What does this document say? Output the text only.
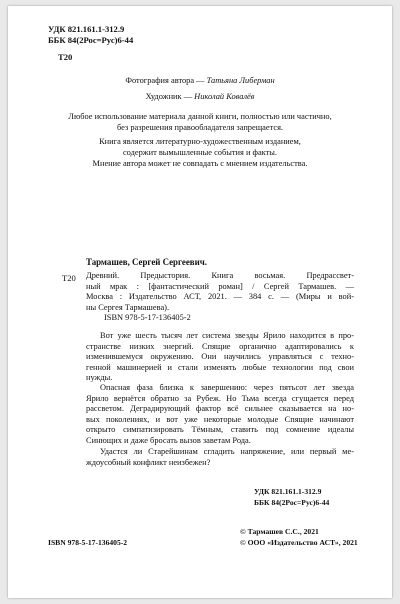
УДК 821.161.1-312.9
ББК 84(2Рос=Рус)6-44
Т20
Фотография автора — Татьяна Либерман
Художник — Николай Ковалёв
Любое использование материала данной книги, полностью или частично,
без разрешения правообладателя запрещается.
Книга является литературно-художественным изданием,
содержит вымышленные события и факты.
Мнение автора может не совпадать с мнением издательства.
Тармашев, Сергей Сергеевич.
Т20 Древний. Предыстория. Книга восьмая. Предрассвет-
ный мрак : [фантастический роман] / Сергей Тармашев. —
Москва : Издательство АСТ, 2021. — 384 с. — (Миры и вой-
ны Сергея Тармашева).
ISBN 978-5-17-136405-2
Вот уже шесть тысяч лет система звезды Ярило находится в про-
странстве низких энергий. Спящие органично адаптировались к
изменившемуся окружению. Они научились управляться с техно-
генной машинерией и стали изменять любые технологии под свои
нужды.
Опасная фаза близка к завершению: через пятьсот лет звезда
Ярило вернётся обратно за Рубеж. Но Тьма всегда сгущается перед
рассветом. Деградирующий фактор всё сильнее сказывается на но-
вых поколениях, и вот уже некоторые молодые Спящие начинают
открыто симпатизировать Тёмным, ставить под сомнение идеалы
Синющих и даже бросать вызов заветам Рода.
Удастся ли Старейшинам сгладить напряжение, или первый ме-
ждоусобный конфликт неизбежен?
УДК 821.161.1-312.9
ББК 84(2Рос=Рус)6-44
ISBN 978-5-17-136405-2
© Тармашев С.С., 2021
© ООО «Издательство АСТ», 2021
